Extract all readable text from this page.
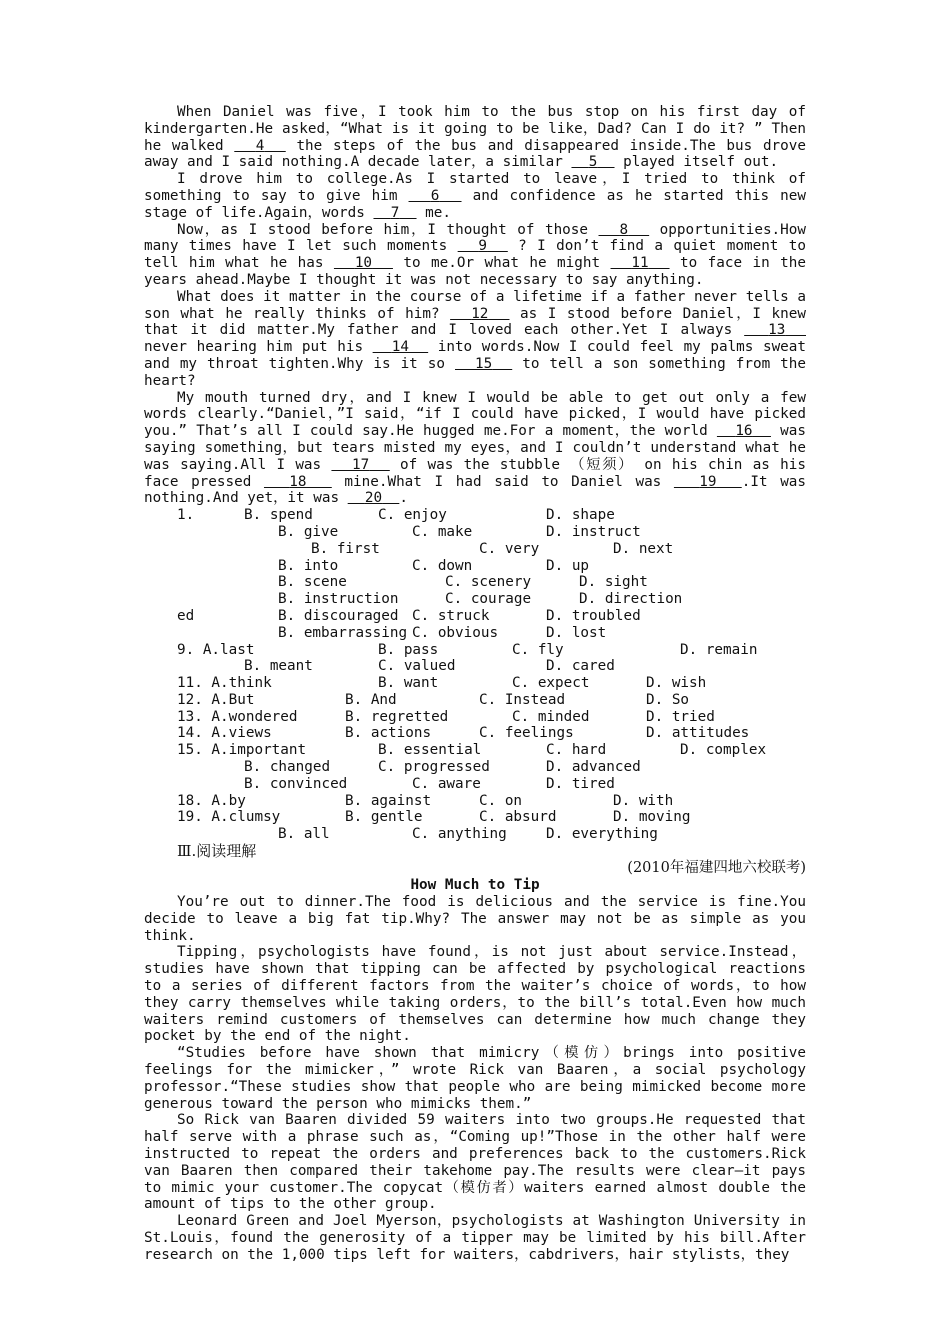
When Daniel was five，I took him to the bus stop on his first day of kindergarten.He asked，“What is it going to be like，Dad? Can I do it? ” Then he walked   4   the steps of the bus and disappeared inside.The bus drove away and I said nothing.A decade later，a similar   5   played itself out.

I drove him to college.As I started to leave，I tried to think of something to say to give him   6   and confidence as he started this new stage of life.Again，words   7   me.

Now，as I stood before him，I thought of those   8   opportunities.How many times have I let such moments   9   ? I don’t find a quiet moment to tell him what he has   10   to me.Or what he might   11   to face in the years ahead.Maybe I thought it was not necessary to say anything.

What does it matter in the course of a lifetime if a father never tells a son what he really thinks of him?   12   as I stood before Daniel，I knew that it did matter.My father and I loved each other.Yet I always   13   never hearing him put his   14   into words.Now I could feel my palms sweat and my throat tighten.Why is it so   15   to tell a son something from the heart?

My mouth turned dry，and I knew I would be able to get out only a few words clearly.“Daniel，”I said，“if I could have picked，I would have picked you.” That’s all I could say.He hugged me.For a moment，the world   16   was saying something，but tears misted my eyes，and I couldn’t understand what he was saying.All I was   17   of was the stubble （短须） on his chin as his face pressed   18   mine.What I had said to Daniel was   19 .It was nothing.And yet，it was   20 .

1.	B. spend	C. enjoy	D. shape
B. give	C. make	D. instruct
B. first	C. very	D. next
B. into	C. down	D. up
B. scene	C. scenery	D. sight
B. instruction	C. courage	D. direction
ed	B. discouraged C. struck	D. troubled
B. embarrassing C. obvious	D. lost
9. A.last	B. pass	C. fly	D. remain
B. meant	C. valued	D. cared
11. A.think	B. want	C. expect	D. wish
12. A.But	B. And	C. Instead	D. So
13. A.wondered	B. regretted	C. minded	D. tried
14. A.views	B. actions	C. feelings	D. attitudes
15. A.important	B. essential	C. hard	D. complex
B. changed	C. progressed	D. advanced
B. convinced	C. aware	D. tired
18. A.by	B. against	C. on	D. with
19. A.clumsy	B. gentle	C. absurd	D. moving
B. all	C. anything	D. everything
Ⅲ.阅读理解
(2010年福建四地六校联考)
How Much to Tip

You’re out to dinner.The food is delicious and the service is fine.You decide to leave a big fat tip.Why? The answer may not be as simple as you think.

Tipping，psychologists have found，is not just about service.Instead，studies have shown that tipping can be affected by psychological reactions to a series of different factors from the waiter’s choice of words，to how they carry themselves while taking orders，to the bill’s total.Even how much waiters remind customers of themselves can determine how much change they pocket by the end of the night.

“Studies before have shown that mimicry（模仿）brings into positive feelings for the mimicker，” wrote Rick van Baaren，a social psychology professor.“These studies show that people who are being mimicked become more generous toward the person who mimicks them.”

So Rick van Baaren divided 59 waiters into two groups.He requested that half serve with a phrase such as，“Coming up!”Those in the other half were instructed to repeat the orders and preferences back to the customers.Rick van Baaren then compared their takehome pay.The results were clear—it pays to mimic your customer.The copycat（模仿者）waiters earned almost double the amount of tips to the other group.

Leonard Green and Joel Myerson，psychologists at Washington University in St.Louis，found the generosity of a tipper may be limited by his bill.After research on the 1,000 tips left for waiters，cabdrivers，hair stylists，they
